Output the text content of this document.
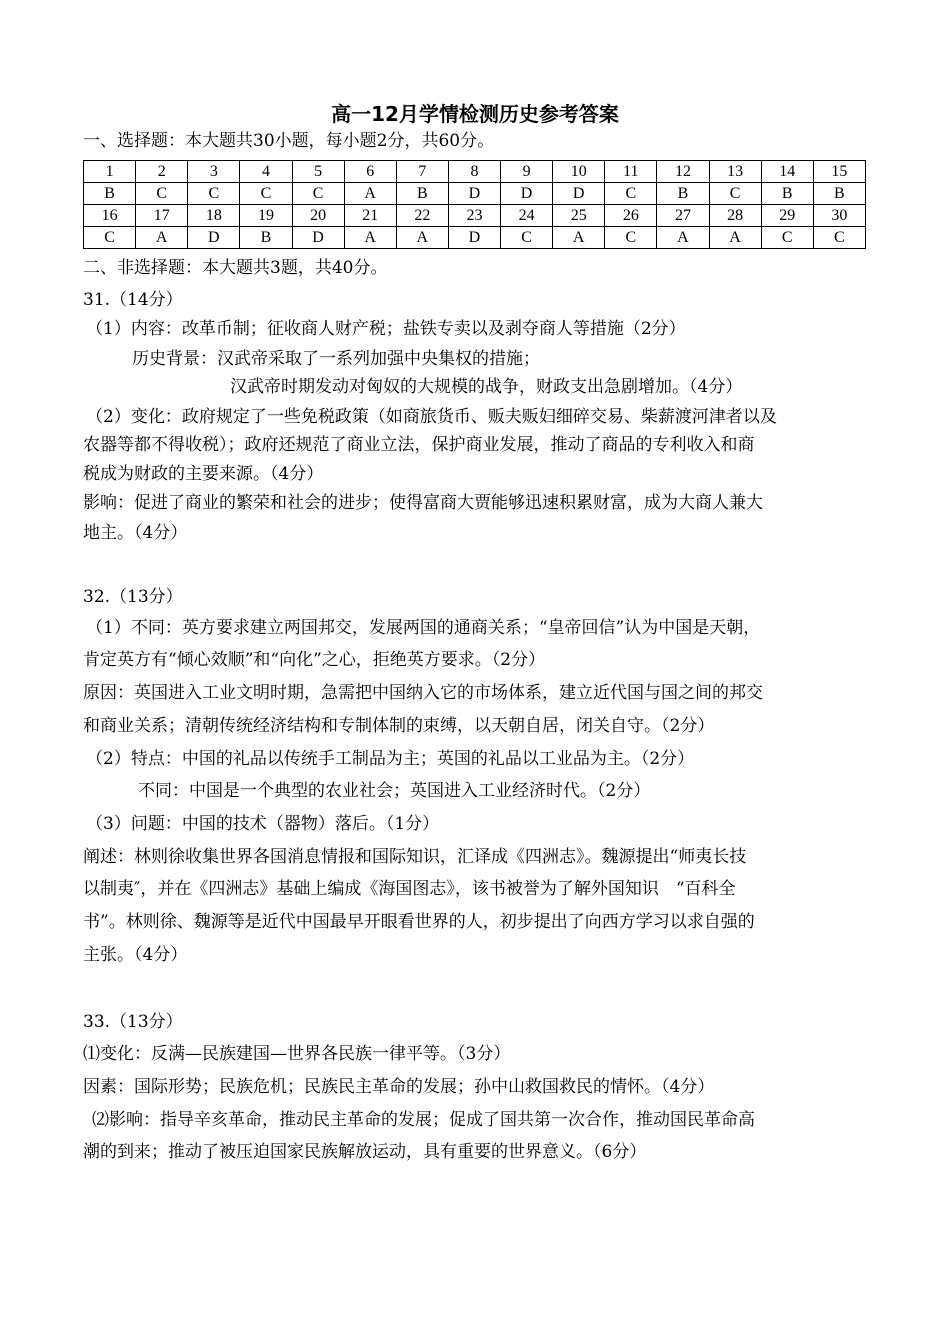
高一12月学情检测历史参考答案
一、选择题：本大题共30小题，每小题2分，共60分。
1	2	3	4	5	6	7	8	9	10	11	12	13	14	15
B	C	C	C	C	A	B	D	D	D	C	B	C	B	B
16	17	18	19	20	21	22	23	24	25	26	27	28	29	30
C	A	D	B	D	A	A	D	C	A	C	A	A	C	C
二、非选择题：本大题共3题，共40分。
31.（14分）
（1）内容：改革币制；征收商人财产税；盐铁专卖以及剥夺商人等措施（2分）
历史背景：汉武帝采取了一系列加强中央集权的措施；
汉武帝时期发动对匈奴的大规模的战争，财政支出急剧增加。（4分）
（2）变化：政府规定了一些免税政策（如商旅货币、贩夫贩妇细碎交易、柴薪渡河津者以及
农器等都不得收税）；政府还规范了商业立法，保护商业发展，推动了商品的专利收入和商
税成为财政的主要来源。（4分）
影响：促进了商业的繁荣和社会的进步；使得富商大贾能够迅速积累财富，成为大商人兼大
地主。（4分）
32.（13分）
（1）不同：英方要求建立两国邦交，发展两国的通商关系；“皇帝回信”认为中国是天朝，
肯定英方有“倾心效顺”和“向化”之心，拒绝英方要求。（2分）
原因：英国进入工业文明时期，急需把中国纳入它的市场体系，建立近代国与国之间的邦交
和商业关系；清朝传统经济结构和专制体制的束缚，以天朝自居，闭关自守。（2分）
（2）特点：中国的礼品以传统手工制品为主；英国的礼品以工业品为主。（2分）
不同：中国是一个典型的农业社会；英国进入工业经济时代。（2分）
（3）问题：中国的技术（器物）落后。（1分）
阐述：林则徐收集世界各国消息情报和国际知识，汇译成《四洲志》。魏源提出“师夷长技
以制夷″，并在《四洲志》基础上编成《海国图志》，该书被誉为了解外国知识　“百科全
书”。林则徐、魏源等是近代中国最早开眼看世界的人，初步提出了向西方学习以求自强的
主张。（4分）
33.（13分）
⑴变化：反满—民族建国—世界各民族一律平等。（3分）
因素：国际形势；民族危机；民族民主革命的发展；孙中山救国救民的情怀。（4分）
⑵影响：指导辛亥革命，推动民主革命的发展；促成了国共第一次合作，推动国民革命高
潮的到来；推动了被压迫国家民族解放运动，具有重要的世界意义。（6分）
